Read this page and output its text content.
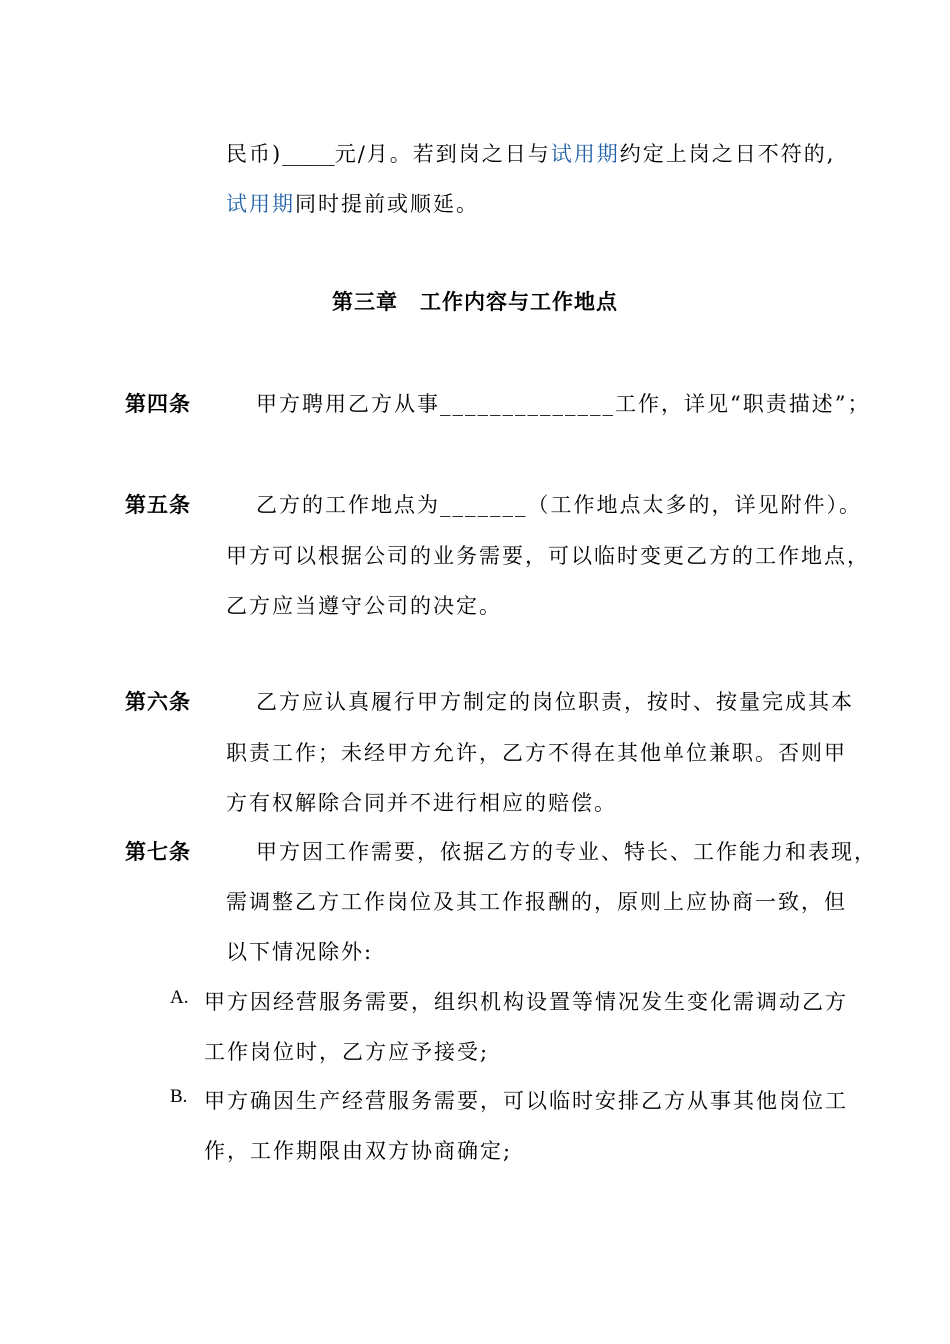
民币)_____元/月。若到岗之日与试用期约定上岗之日不符的,
试用期同时提前或顺延。
第三章　工作内容与工作地点
第四条	甲方聘用乙方从事______________工作，详见“职责描述”；
第五条	乙方的工作地点为_______（工作地点太多的，详见附件）。
甲方可以根据公司的业务需要，可以临时变更乙方的工作地点，
乙方应当遵守公司的决定。
第六条	乙方应认真履行甲方制定的岗位职责，按时、按量完成其本
职责工作；未经甲方允许，乙方不得在其他单位兼职。否则甲
方有权解除合同并不进行相应的赔偿。
第七条	甲方因工作需要，依据乙方的专业、特长、工作能力和表现，
需调整乙方工作岗位及其工作报酬的，原则上应协商一致，但
以下情况除外:
A. 甲方因经营服务需要，组织机构设置等情况发生变化需调动乙方
工作岗位时，乙方应予接受;
B. 甲方确因生产经营服务需要，可以临时安排乙方从事其他岗位工
作，工作期限由双方协商确定;
